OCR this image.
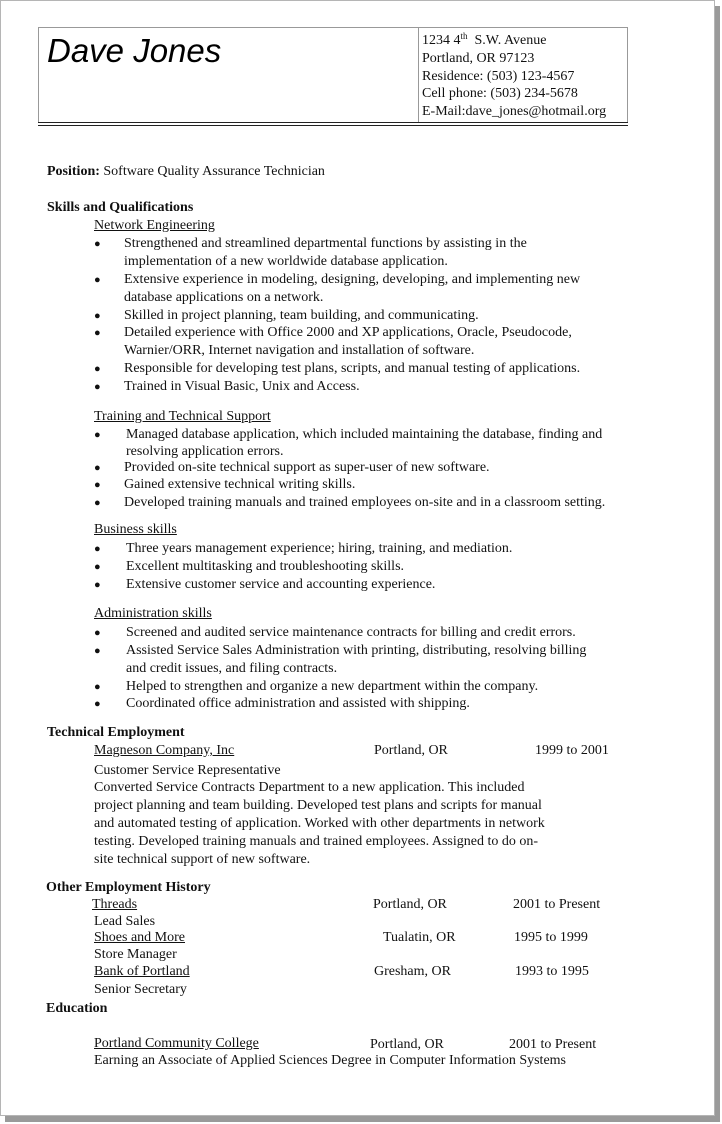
Dave Jones	1234 4th  S.W. Avenue
Portland, OR 97123
Residence: (503) 123-4567
Cell phone: (503) 234-5678
E-Mail:dave_jones@hotmail.org
Position: Software Quality Assurance Technician
Skills and Qualifications
Network Engineering
● Strengthened and streamlined departmental functions by assisting in the
implementation of a new worldwide database application.
● Extensive experience in modeling, designing, developing, and implementing new
database applications on a network.
● Skilled in project planning, team building, and communicating.
● Detailed experience with Office 2000 and XP applications, Oracle, Pseudocode,
Warnier/ORR, Internet navigation and installation of software.
● Responsible for developing test plans, scripts, and manual testing of applications.
● Trained in Visual Basic, Unix and Access.
Training and Technical Support
● Managed database application, which included maintaining the database, finding and
resolving application errors.
● Provided on-site technical support as super-user of new software.
● Gained extensive technical writing skills.
● Developed training manuals and trained employees on-site and in a classroom setting.
Business skills
● Three years management experience; hiring, training, and mediation.
● Excellent multitasking and troubleshooting skills.
● Extensive customer service and accounting experience.
Administration skills
● Screened and audited service maintenance contracts for billing and credit errors.
● Assisted Service Sales Administration with printing, distributing, resolving billing
and credit issues, and filing contracts.
● Helped to strengthen and organize a new department within the company.
● Coordinated office administration and assisted with shipping.
Technical Employment
Magneson Company, Inc	Portland, OR	1999 to 2001
Customer Service Representative
Converted Service Contracts Department to a new application. This included
project planning and team building. Developed test plans and scripts for manual
and automated testing of application. Worked with other departments in network
testing. Developed training manuals and trained employees. Assigned to do on-
site technical support of new software.
Other Employment History
Threads	Portland, OR	2001 to Present
Lead Sales
Shoes and More	Tualatin, OR	1995 to 1999
Store Manager
Bank of Portland	Gresham, OR	1993 to 1995
Senior Secretary
Education
Portland Community College	Portland, OR	2001 to Present
Earning an Associate of Applied Sciences Degree in Computer Information Systems
